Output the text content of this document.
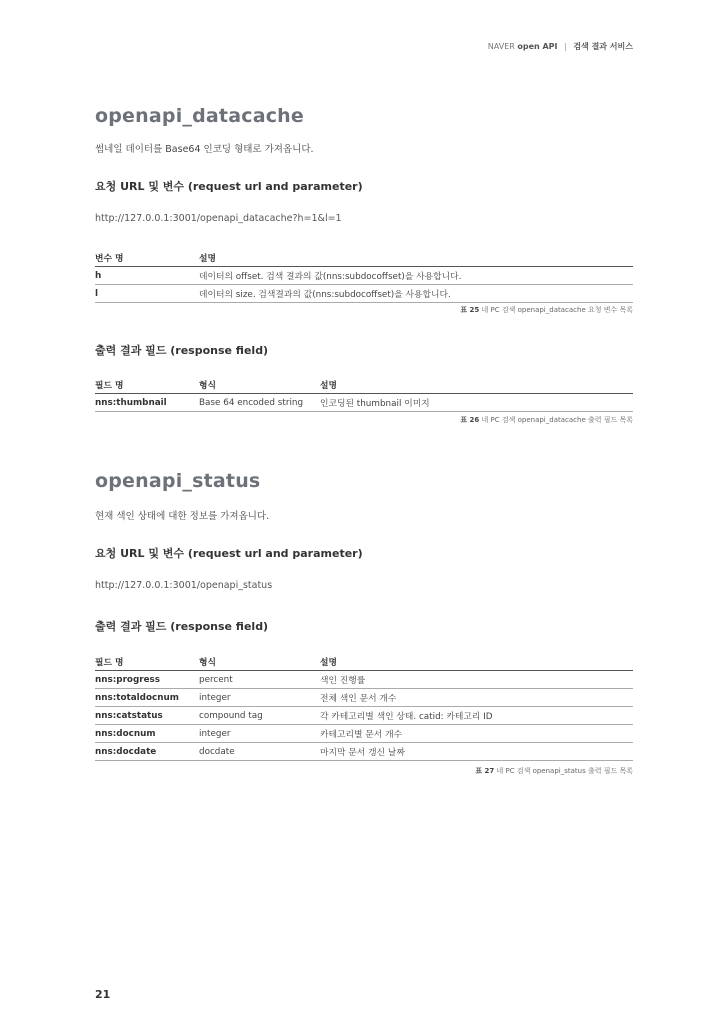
NAVER open API | 검색 결과 서비스
openapi_datacache
썸네일 데이터를 Base64 인코딩 형태로 가져옵니다.
요청 URL 및 변수 (request url and parameter)
http://127.0.0.1:3001/openapi_datacache?h=1&l=1
변수 명	설명
h	데이터의 offset. 검색 결과의 값(nns:subdocoffset)을 사용합니다.
l	데이터의 size. 검색결과의 값(nns:subdocoffset)을 사용합니다.
표 25 네 PC 검색 openapi_datacache 요청 변수 목록
출력 결과 필드 (response field)
필드 명	형식	설명
nns:thumbnail	Base 64 encoded string	인코딩된 thumbnail 이미지
표 26 네 PC 검색 openapi_datacache 출력 필드 목록
openapi_status
현재 색인 상태에 대한 정보를 가져옵니다.
요청 URL 및 변수 (request url and parameter)
http://127.0.0.1:3001/openapi_status
출력 결과 필드 (response field)
필드 명	형식	설명
nns:progress	percent	색인 진행률
nns:totaldocnum	integer	전체 색인 문서 개수
nns:catstatus	compound tag	각 카테고리별 색인 상태. catid: 카테고리 ID
nns:docnum	integer	카테고리별 문서 개수
nns:docdate	docdate	마지막 문서 갱신 날짜
표 27 네 PC 검색 openapi_status 출력 필드 목록
21
